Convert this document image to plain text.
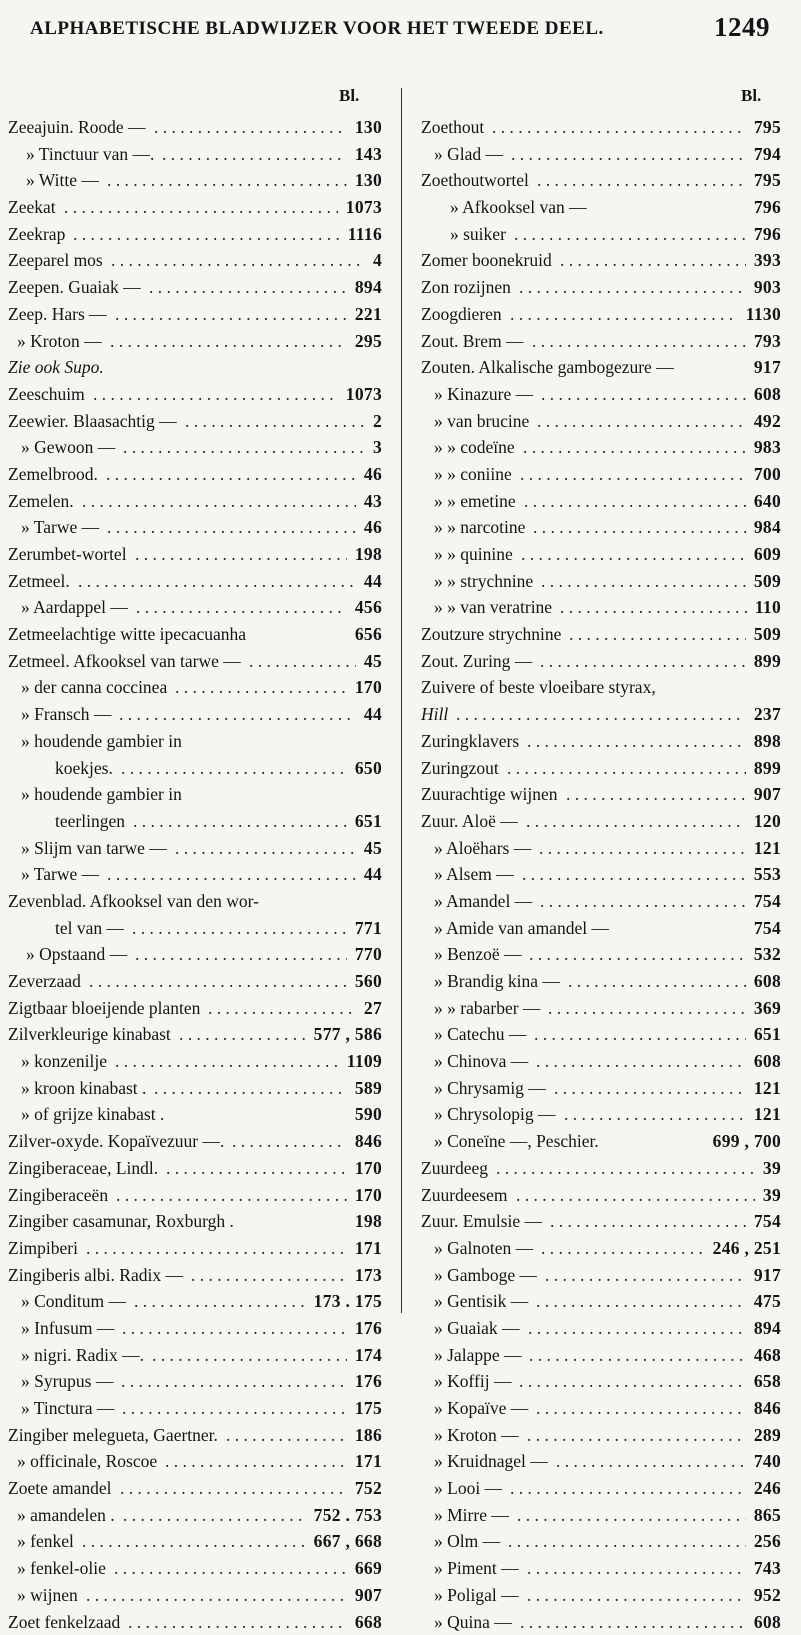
ALPHABETISCHE BLADWIJZER VOOR HET TWEEDE DEEL.	1249
Bl.	Bl.
Zeeajuin. Roode —	130
. . .
» Tinctuur van —.	143
. . .
» Witte —	130
. . .
Zeekat	1073
. . .
Zeekrap	1116
. . .
Zeeparel mos	4
. . .
Zeepen. Guaiak —	894
. . .
Zeep. Hars —	221
. . .
» Kroton —	295
. . .
Zie ook Supo.
Zeeschuim	1073
. . .
Zeewier. Blaasachtig —	2
. . .
» Gewoon —	3
. . .
Zemelbrood.	46
. . .
Zemelen.	43
. . .
» Tarwe —	46
. . .
Zerumbet-wortel	198
. . .
Zetmeel.	44
. . .
» Aardappel —	456
. . .
Zetmeelachtige witte ipecacuanha	656
Zetmeel. Afkooksel van tarwe —	45
. . .
» der canna coccinea	170
. . .
» Fransch —	44
. . .
» houdende gambier in
koekjes.	650
. . .
» houdende gambier in
teerlingen	651
. . .
» Slijm van tarwe —	45
. . .
» Tarwe —	44
. . .
Zevenblad. Afkooksel van den wor-
tel van —	771
. . .
» Opstaand —	770
. . .
Zeverzaad	560
. . .
Zigtbaar bloeijende planten	27
. . .
Zilverkleurige kinabast	577 , 586
. . .
» konzenilje	1109
. . .
» kroon kinabast .	589
. . .
» of grijze kinabast .	590
Zilver-oxyde. Kopaïvezuur —.	846
. . .
Zingiberaceae, Lindl.	170
. . .
Zingiberaceën	170
. . .
Zingiber casamunar, Roxburgh .	198
Zimpiberi	171
. . .
Zingiberis albi. Radix —	173
. . .
» Conditum —	173 . 175
. . .
» Infusum —	176
. . .
» nigri. Radix —.	174
. . .
» Syrupus —	176
. . .
» Tinctura —	175
. . .
Zingiber melegueta, Gaertner.	186
. . .
» officinale, Roscoe	171
. . .
Zoete amandel	752
. . .
» amandelen .	752 . 753
. . .
» fenkel	667 , 668
. . .
» fenkel-olie	669
. . .
» wijnen	907
. . .
Zoet fenkelzaad	668
. . .
Zoethout	795
. . .
» Glad —	794
. . .
Zoethoutwortel	795
. . .
» Afkooksel van —	796
» suiker	796
. . .
Zomer boonekruid	393
. . .
Zon rozijnen	903
. . .
Zoogdieren	1130
. . .
Zout. Brem —	793
. . .
Zouten. Alkalische gambogezure —	917
» Kinazure —	608
. . .
» van brucine	492
. . .
» » codeïne	983
. . .
» » coniine	700
. . .
» » emetine	640
. . .
» » narcotine	984
. . .
» » quinine	609
. . .
» » strychnine	509
. . .
» » van veratrine	110
. . .
Zoutzure strychnine	509
. . .
Zout. Zuring —	899
. . .
Zuivere of beste vloeibare styrax,
Hill	237
. . .
Zuringklavers	898
. . .
Zuringzout	899
. . .
Zuurachtige wijnen	907
. . .
Zuur. Aloë —	120
. . .
» Aloëhars —	121
. . .
» Alsem —	553
. . .
» Amandel —	754
. . .
» Amide van amandel —	754
» Benzoë —	532
. . .
» Brandig kina —	608
. . .
» » rabarber —	369
. . .
» Catechu —	651
. . .
» Chinova —	608
. . .
» Chrysamig —	121
. . .
» Chrysolopig —	121
. . .
» Coneïne —, Peschier.	699 , 700
Zuurdeeg	39
. . .
Zuurdeesem	39
. . .
Zuur. Emulsie —	754
. . .
» Galnoten —	246 , 251
. . .
» Gamboge —	917
. . .
» Gentisik —	475
. . .
» Guaiak —	894
. . .
» Jalappe —	468
. . .
» Koffij —	658
. . .
» Kopaïve —	846
. . .
» Kroton —	289
. . .
» Kruidnagel —	740
. . .
» Looi —	246
. . .
» Mirre —	865
. . .
» Olm —	256
. . .
» Piment —	743
. . .
» Poligal —	952
. . .
» Quina —	608
. . .
